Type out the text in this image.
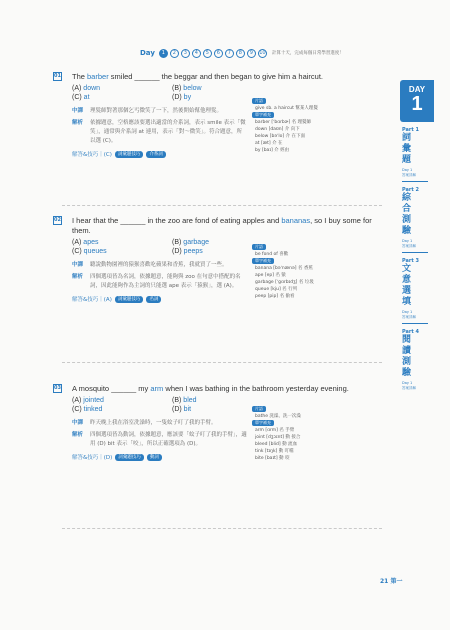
Day	1	2	3	4	5	6	7	8	9	10 計算十天，完成每個日常學習進度！
DAY
1
Part 1
詞彙題
Day 1
答案詳解
Part 2
綜合測驗
Day 1
答案詳解
Part 3
文意選填
Day 1
答案詳解
Part 4
閱讀測驗
Day 1
答案詳解
01 The barber smiled ______ the beggar and then began to give him a haircut.
(A) down	(B) below
(C) at	(D) by
中譯	理髮師對著那個乞丐微笑了一下，然後開始幫他理髮。
解析	依據題意，空格應該要選出適當的介系詞，表示 smile 表示「微笑」，通常與介系詞 at 連用，表示「對～微笑」。符合題意，所以選 (C)。
解答&技巧｜(C)	詞彙題技巧	介系詞
片語
give sb. a haircut 幫某人理髮
單字補充
barber [ˈbɑrbɚ] 名 理髮師
down [daʊn] 介 向下
below [bəˈlo] 介 在下面
at [æt] 介 在
by [baɪ] 介 經由
02 I hear that the ______ in the zoo are fond of eating apples and bananas, so I buy some for them.
(A) apes	(B) garbage
(C) queues	(D) peeps
中譯	聽說動物園裡的猿猴喜歡吃蘋果和香蕉，我就買了一些。
解析	四個選項皆為名詞，依據題意，能夠與 zoo 在句意中搭配的名詞，因此能夠作為主詞的只能選 ape 表示「猿猴」，選 (A)。
解答&技巧｜(A)	詞彙題技巧	名詞
片語
be fond of 喜歡
單字補充
banana [bəˈnænə] 名 香蕉
ape [ep] 名 猿
garbage [ˈgɑrbɪdʒ] 名 垃圾
queue [kju] 名 行列
peep [pip] 名 偷看
03 A mosquito ______ my arm when I was bathing in the bathroom yesterday evening.
(A) jointed	(B) bled
(C) tinked	(D) bit
中譯	昨天晚上我在浴室洗澡時，一隻蚊子叮了我的手臂。
解析	四個選項皆為動詞，依據題意，應該要「蚊子叮了我的手臂」，適用 (D) bit 表示「咬」，所以正確選項為 (D)。
解答&技巧｜(D)	詞彙題技巧	動詞
片語
bathe 洗澡、洗一次澡
單字補充
arm [ɑrm] 名 手臂
joint [dʒɔɪnt] 動 接合
bleed [blid] 動 流血
tink [tɪŋk] 動 叮噹
bite [baɪt] 動 咬
21 第一
